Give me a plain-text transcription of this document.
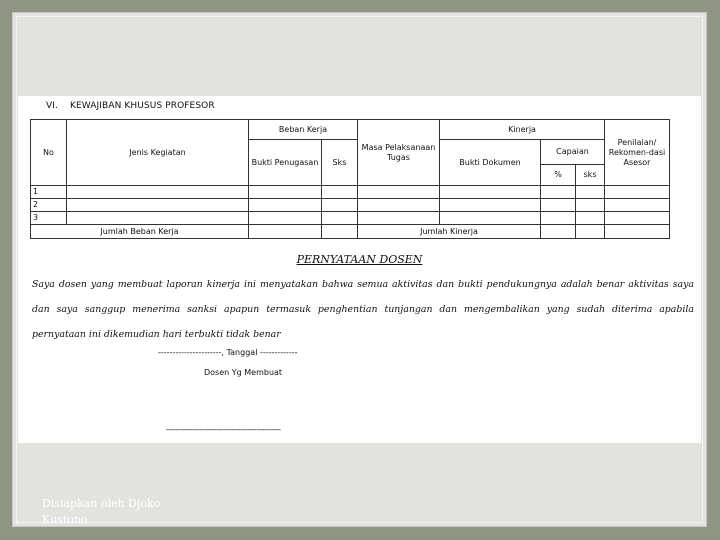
VI. KEWAJIBAN KHUSUS PROFESOR
No	Jenis Kegiatan	Beban Kerja		Masa Pelaksanaan Tugas	Kinerja			Penilaian/ Rekomen-dasi Asesor
		Bukti Penugasan	Sks		Bukti Dokumen	Capaian		
						%	sks	
1								
2								
3								
Jumlah Beban Kerja				Jumlah Kinerja				
PERNYATAAN DOSEN
Saya dosen yang membuat laporan kinerja ini menyatakan bahwa semua aktivitas dan bukti pendukungnya adalah benar aktivitas saya dan saya sanggup menerima sanksi apapun termasuk penghentian tunjangan dan mengembalikan yang sudah diterima apabila pernyataan ini dikemudian hari terbukti tidak benar
----------------------, Tanggal -------------
Dosen Yg Membuat
------------------------------------------------
Disiapkan oleh Djoko Kustono
